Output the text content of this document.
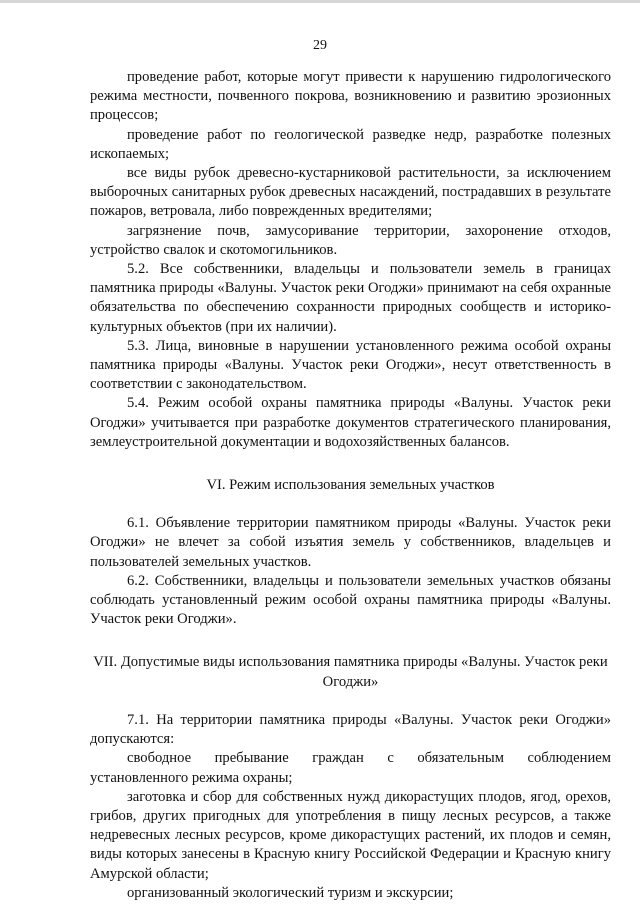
29

проведение работ, которые могут привести к нарушению гидрологического режима местности, почвенного покрова, возникновению и развитию эрозионных процессов;

проведение работ по геологической разведке недр, разработке полезных ископаемых;

все виды рубок древесно-кустарниковой растительности, за исключением выборочных санитарных рубок древесных насаждений, пострадавших в результате пожаров, ветровала, либо поврежденных вредителями;

загрязнение почв, замусоривание территории, захоронение отходов, устройство свалок и скотомогильников.

5.2. Все собственники, владельцы и пользователи земель в границах памятника природы «Валуны. Участок реки Огоджи» принимают на себя охранные обязательства по обеспечению сохранности природных сообществ и историко-культурных объектов (при их наличии).

5.3. Лица, виновные в нарушении установленного режима особой охраны памятника природы «Валуны. Участок реки Огоджи», несут ответственность в соответствии с законодательством.

5.4. Режим особой охраны памятника природы «Валуны. Участок реки Огоджи» учитывается при разработке документов стратегического планирования, землеустроительной документации и водохозяйственных балансов.

VI. Режим использования земельных участков

6.1. Объявление территории памятником природы «Валуны. Участок реки Огоджи» не влечет за собой изъятия земель у собственников, владельцев и пользователей земельных участков.

6.2. Собственники, владельцы и пользователи земельных участков обязаны соблюдать установленный режим особой охраны памятника природы «Валуны. Участок реки Огоджи».

VII. Допустимые виды использования памятника природы «Валуны. Участок реки Огоджи»

7.1. На территории памятника природы «Валуны. Участок реки Огоджи» допускаются:

свободное пребывание граждан с обязательным соблюдением установленного режима охраны;

заготовка и сбор для собственных нужд дикорастущих плодов, ягод, орехов, грибов, других пригодных для употребления в пищу лесных ресурсов, а также недревесных лесных ресурсов, кроме дикорастущих растений, их плодов и семян, виды которых занесены в Красную книгу Российской Федерации и Красную книгу Амурской области;

организованный экологический туризм и экскурсии;
